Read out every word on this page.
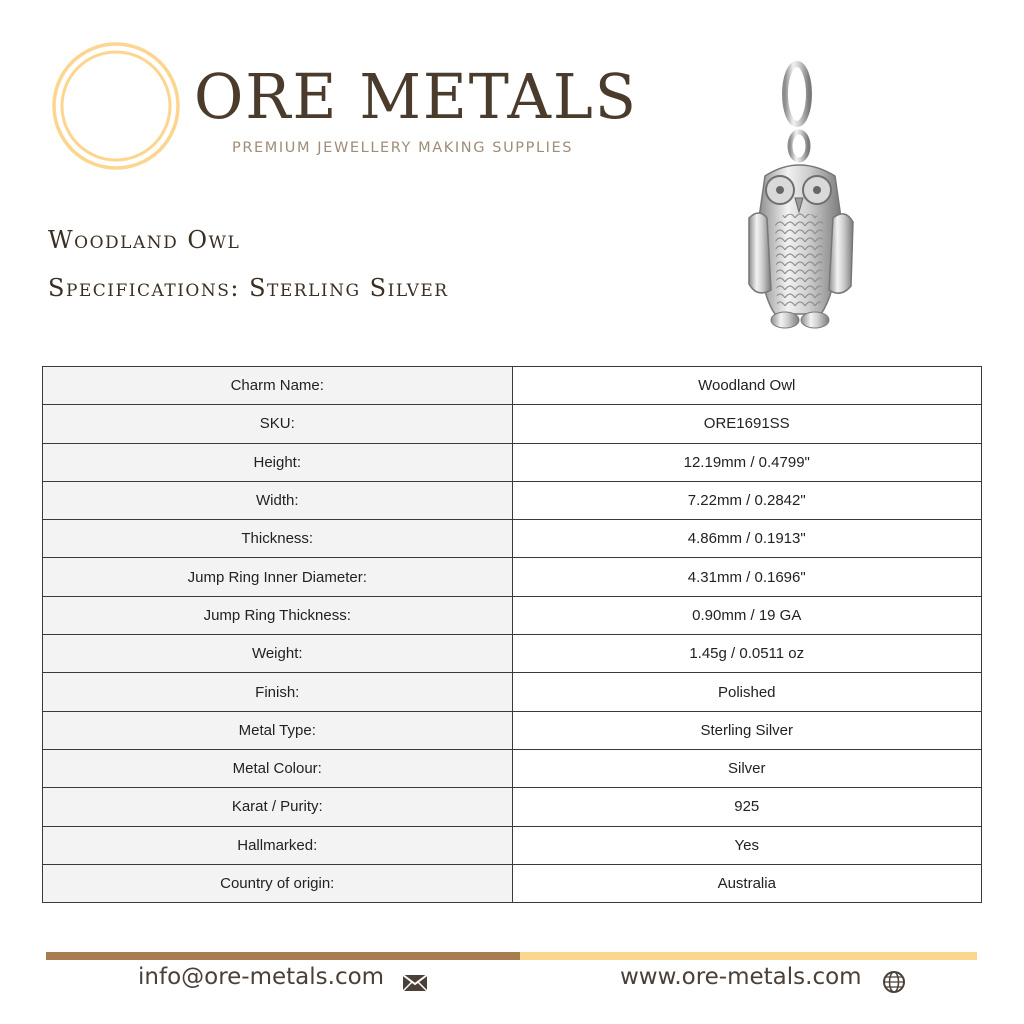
ORE METALS
PREMIUM JEWELLERY MAKING SUPPLIES
Woodland Owl
Specifications: Sterling Silver
Charm Name:	Woodland Owl
SKU:	ORE1691SS
Height:	12.19mm / 0.4799"
Width:	7.22mm / 0.2842"
Thickness:	4.86mm / 0.1913"
Jump Ring Inner Diameter:	4.31mm / 0.1696"
Jump Ring Thickness:	0.90mm / 19 GA
Weight:	1.45g / 0.0511 oz
Finish:	Polished
Metal Type:	Sterling Silver
Metal Colour:	Silver
Karat / Purity:	925
Hallmarked:	Yes
Country of origin:	Australia
info@ore-metals.com	www.ore-metals.com
